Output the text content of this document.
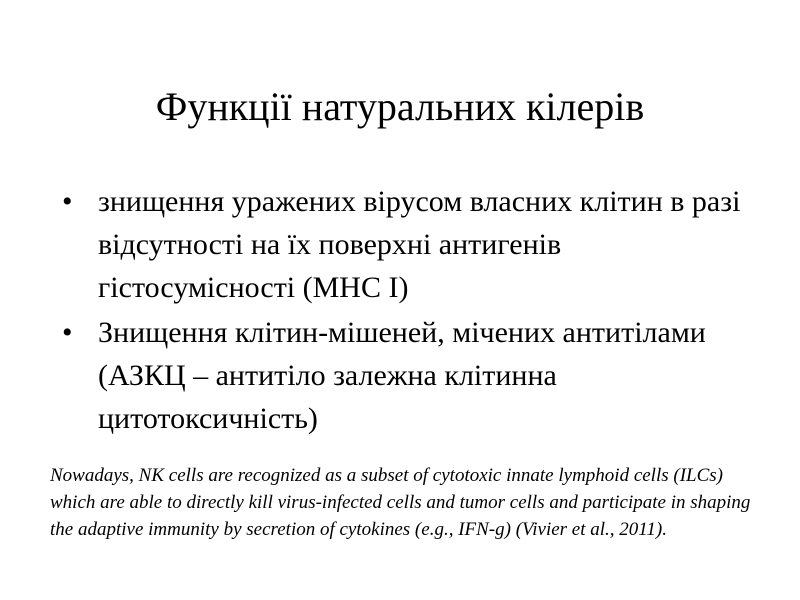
Функції натуральних кілерів
• знищення уражених вірусом власних клітин в разі відсутності на їх поверхні антигенів гістосумісності (МНС І)
• Знищення клітин-мішеней, мічених антитілами (АЗКЦ – антитіло залежна клітинна цитотоксичність)

Nowadays, NK cells are recognized as a subset of cytotoxic innate lymphoid cells (ILCs) which are able to directly kill virus-infected cells and tumor cells and participate in shaping the adaptive immunity by secretion of cytokines (e.g., IFN-g) (Vivier et al., 2011).
